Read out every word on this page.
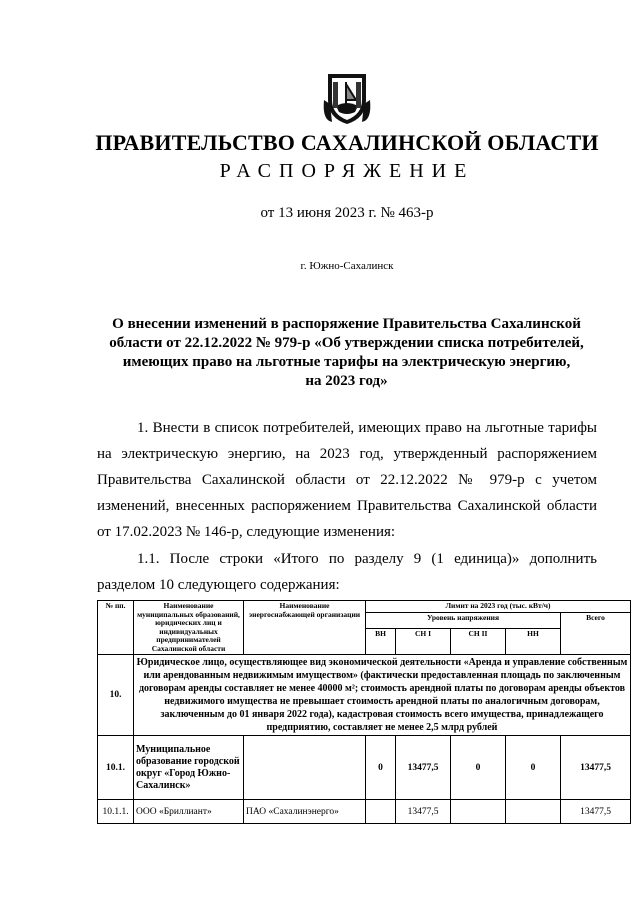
ПРАВИТЕЛЬСТВО САХАЛИНСКОЙ ОБЛАСТИ
РАСПОРЯЖЕНИЕ
от 13 июня 2023 г. № 463-р
г. Южно-Сахалинск
О внесении изменений в распоряжение Правительства Сахалинской
области от 22.12.2022 № 979-р «Об утверждении списка потребителей,
имеющих право на льготные тарифы на электрическую энергию,
на 2023 год»
1. Внести в список потребителей, имеющих право на льготные тарифы
на электрическую энергию, на 2023 год, утвержденный распоряжением
Правительства Сахалинской области от 22.12.2022 № 979-р с учетом
изменений, внесенных распоряжением Правительства Сахалинской области
от 17.02.2023 № 146-р, следующие изменения:
1.1. После строки «Итого по разделу 9 (1 единица)» дополнить
разделом 10 следующего содержания:
№ пп.	Наименование муниципальных образований, юридических лиц и индивидуальных предпринимателей Сахалинской области	Наименование энергоснабжающей организации	Лимит на 2023 год (тыс. кВт/ч)				
			Уровень напряжения				Всего
			ВН	СН I	СН II	НН	
10.	Юридическое лицо, осуществляющее вид экономической деятельности «Аренда и управление собственным или арендованным недвижимым имуществом» (фактически предоставленная площадь по заключенным договорам аренды составляет не менее 40000 м²; стоимость арендной платы по договорам аренды объектов недвижимого имущества не превышает стоимость арендной платы по аналогичным договорам, заключенным до 01 января 2022 года), кадастровая стоимость всего имущества, принадлежащего предприятию, составляет не менее 2,5 млрд рублей						
10.1.	Муниципальное образование городской округ «Город Южно-Сахалинск»		0	13477,5	0	0	13477,5
10.1.1.	ООО «Бриллиант»	ПАО «Сахалинэнерго»		13477,5			13477,5
